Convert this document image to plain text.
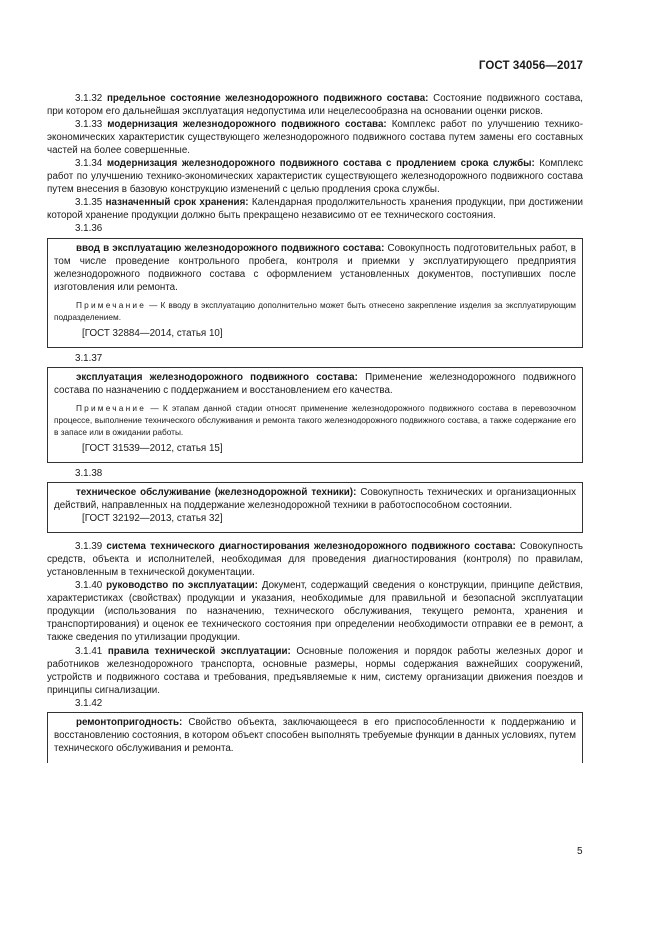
ГОСТ 34056—2017

3.1.32 предельное состояние железнодорожного подвижного состава: Состояние подвижного состава, при котором его дальнейшая эксплуатация недопустима или нецелесообразна на основании оценки рисков.

3.1.33 модернизация железнодорожного подвижного состава: Комплекс работ по улучшению технико-экономических характеристик существующего железнодорожного подвижного состава путем замены его составных частей на более совершенные.

3.1.34 модернизация железнодорожного подвижного состава с продлением срока службы: Комплекс работ по улучшению технико-экономических характеристик существующего железнодорожного подвижного состава путем внесения в базовую конструкцию изменений с целью продления срока службы.

3.1.35 назначенный срок хранения: Календарная продолжительность хранения продукции, при достижении которой хранение продукции должно быть прекращено независимо от ее технического состояния.

3.1.36

ввод в эксплуатацию железнодорожного подвижного состава: Совокупность подготовительных работ, в том числе проведение контрольного пробега, контроля и приемки у эксплуатирующего предприятия железнодорожного подвижного состава с оформлением установленных документов, поступивших после изготовления или ремонта.

Примечание — К вводу в эксплуатацию дополнительно может быть отнесено закрепление изделия за эксплуатирующим подразделением.

[ГОСТ 32884—2014, статья 10]

3.1.37

эксплуатация железнодорожного подвижного состава: Применение железнодорожного подвижного состава по назначению с поддержанием и восстановлением его качества.

Примечание — К этапам данной стадии относят применение железнодорожного подвижного состава в перевозочном процессе, выполнение технического обслуживания и ремонта такого железнодорожного подвижного состава, а также содержание его в запасе или в ожидании работы.

[ГОСТ 31539—2012, статья 15]

3.1.38

техническое обслуживание (железнодорожной техники): Совокупность технических и организационных действий, направленных на поддержание железнодорожной техники в работоспособном состоянии.

[ГОСТ 32192—2013, статья 32]

3.1.39 система технического диагностирования железнодорожного подвижного состава: Совокупность средств, объекта и исполнителей, необходимая для проведения диагностирования (контроля) по правилам, установленным в технической документации.

3.1.40 руководство по эксплуатации: Документ, содержащий сведения о конструкции, принципе действия, характеристиках (свойствах) продукции и указания, необходимые для правильной и безопасной эксплуатации продукции (использования по назначению, технического обслуживания, текущего ремонта, хранения и транспортирования) и оценок ее технического состояния при определении необходимости отправки ее в ремонт, а также сведения по утилизации продукции.

3.1.41 правила технической эксплуатации: Основные положения и порядок работы железных дорог и работников железнодорожного транспорта, основные размеры, нормы содержания важнейших сооружений, устройств и подвижного состава и требования, предъявляемые к ним, систему организации движения поездов и принципы сигнализации.

3.1.42

ремонтопригодность: Свойство объекта, заключающееся в его приспособленности к поддержанию и восстановлению состояния, в котором объект способен выполнять требуемые функции в данных условиях, путем технического обслуживания и ремонта.

5
